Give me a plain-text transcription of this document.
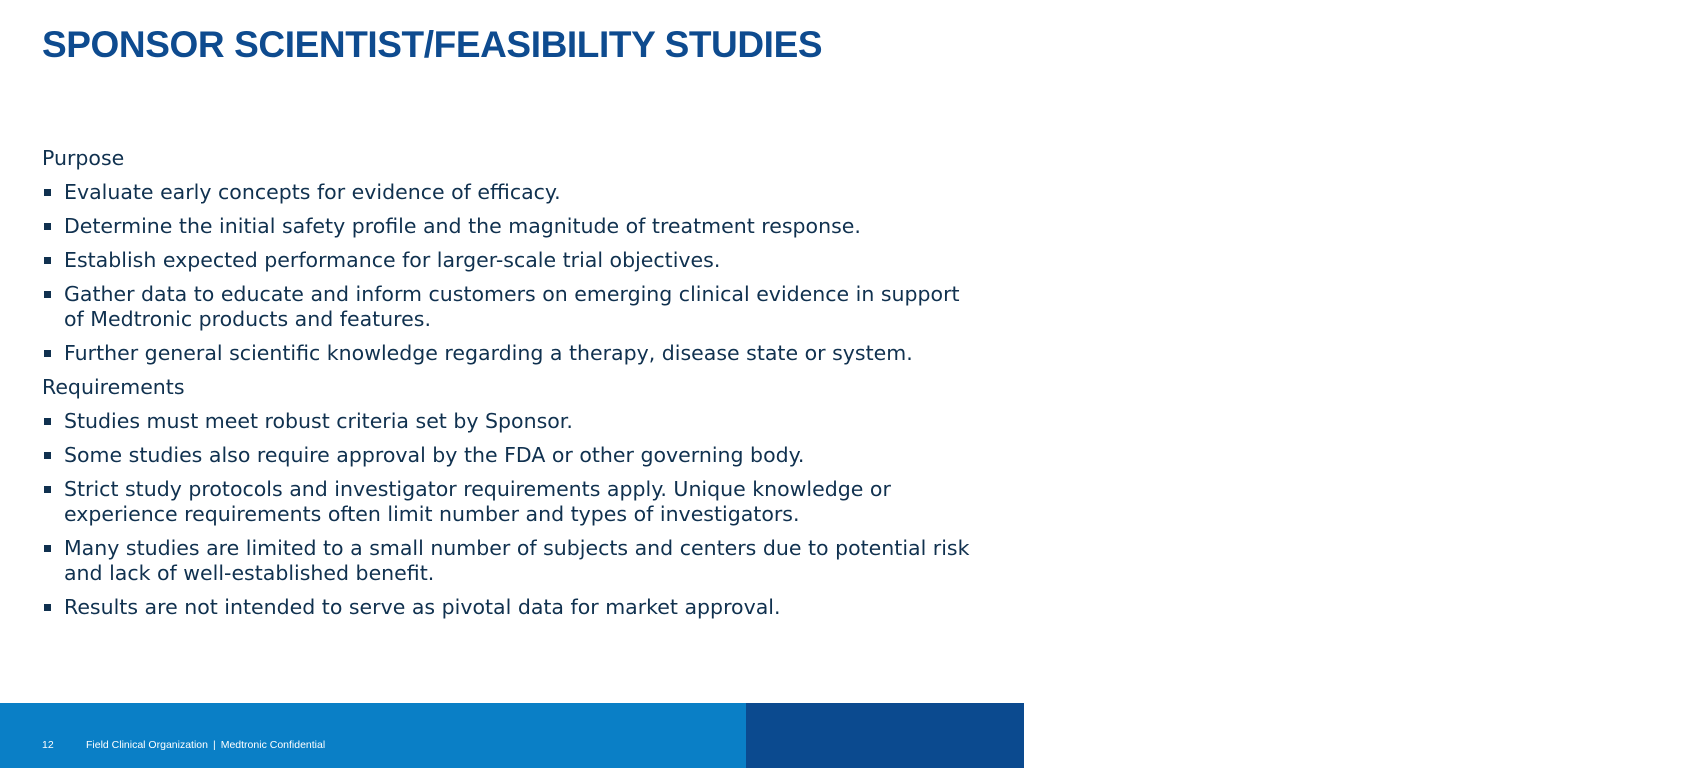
SPONSOR SCIENTIST/FEASIBILITY STUDIES
Purpose
Evaluate early concepts for evidence of efficacy.
Determine the initial safety profile and the magnitude of treatment response.
Establish expected performance for larger-scale trial objectives.
Gather data to educate and inform customers on emerging clinical evidence in support of Medtronic products and features.
Further general scientific knowledge regarding a therapy, disease state or system.
Requirements
Studies must meet robust criteria set by Sponsor.
Some studies also require approval by the FDA or other governing body.
Strict study protocols and investigator requirements apply. Unique knowledge or experience requirements often limit number and types of investigators.
Many studies are limited to a small number of subjects and centers due to potential risk and lack of well-established benefit.
Results are not intended to serve as pivotal data for market approval.
12	Field Clinical Organization | Medtronic Confidential	Medtronic
